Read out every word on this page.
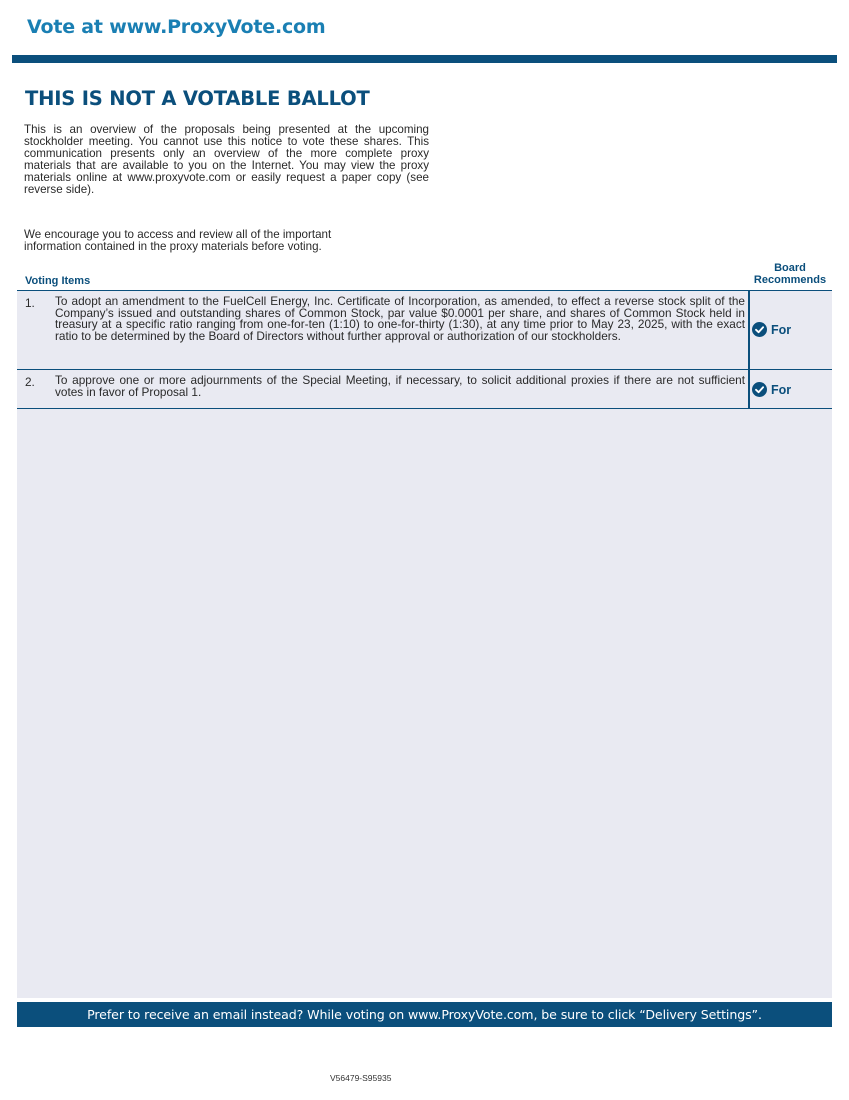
Vote at www.ProxyVote.com
THIS IS NOT A VOTABLE BALLOT

This is an overview of the proposals being presented at the upcoming stockholder meeting. You cannot use this notice to vote these shares. This communication presents only an overview of the more complete proxy materials that are available to you on the Internet. You may view the proxy materials online at www.proxyvote.com or easily request a paper copy (see reverse side).

We encourage you to access and review all of the important information contained in the proxy materials before voting.

Voting Items
Board
Recommends
1. To adopt an amendment to the FuelCell Energy, Inc. Certificate of Incorporation, as amended, to effect a reverse stock split of the Company’s issued and outstanding shares of Common Stock, par value $0.0001 per share, and shares of Common Stock held in treasury at a specific ratio ranging from one-for-ten (1:10) to one-for-thirty (1:30), at any time prior to May 23, 2025, with the exact ratio to be determined by the Board of Directors without further approval or authorization of our stockholders.	For
2. To approve one or more adjournments of the Special Meeting, if necessary, to solicit additional proxies if there are not sufficient votes in favor of Proposal 1.	For
Prefer to receive an email instead? While voting on www.ProxyVote.com, be sure to click “Delivery Settings”.
V56479-S95935
